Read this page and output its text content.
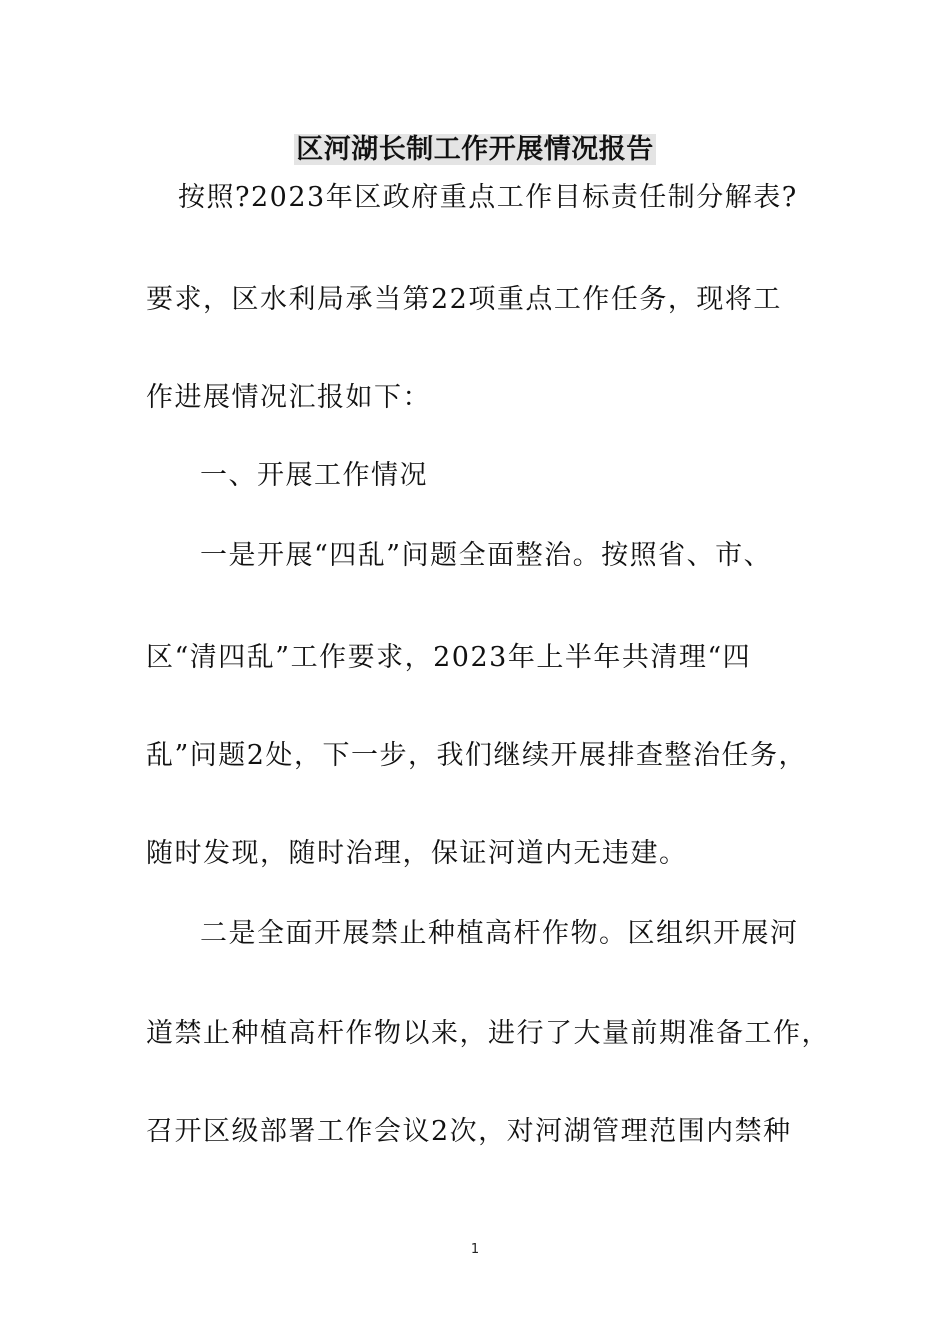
区河湖长制工作开展情况报告
按照?2023年区政府重点工作目标责任制分解表?
要求，区水利局承当第22项重点工作任务，现将工
作进展情况汇报如下：
一、开展工作情况
一是开展“四乱”问题全面整治。按照省、市、
区“清四乱”工作要求，2023年上半年共清理“四
乱”问题2处，下一步，我们继续开展排查整治任务，
随时发现，随时治理，保证河道内无违建。
二是全面开展禁止种植高杆作物。区组织开展河
道禁止种植高杆作物以来，进行了大量前期准备工作，
召开区级部署工作会议2次，对河湖管理范围内禁种
1
